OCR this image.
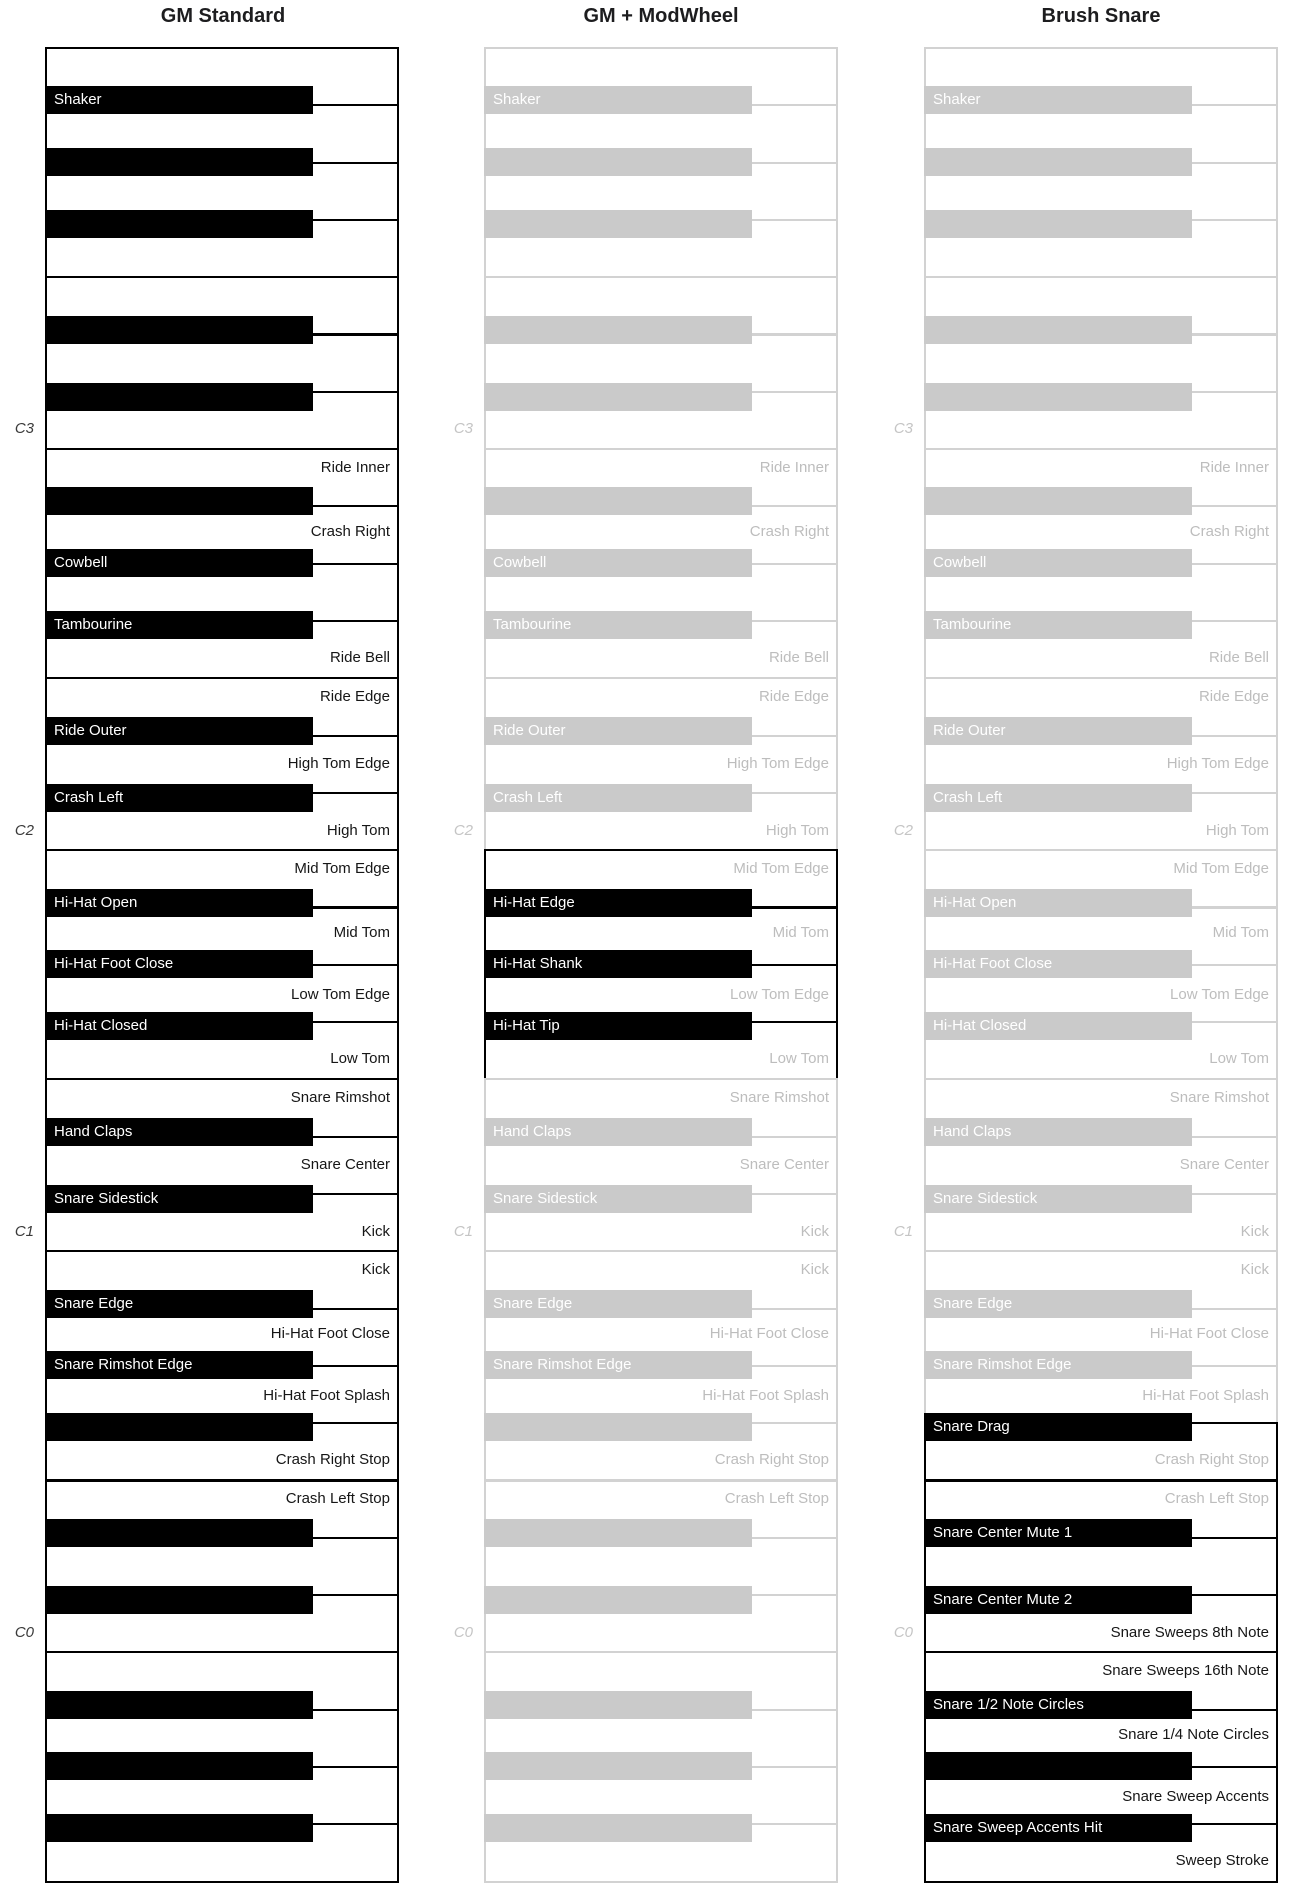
GM Standard	GM + ModWheel	Brush Snare
Shaker
Cowbell
Tambourine
Ride Outer
Crash Left
Hi-Hat Open
Hi-Hat Foot Close
Hi-Hat Closed
Hand Claps
Snare Sidestick
Snare Edge
Snare Rimshot Edge
Ride Inner
Crash Right
Ride Bell
Ride Edge
High Tom Edge
High Tom
Mid Tom Edge
Mid Tom
Low Tom Edge
Low Tom
Snare Rimshot
Snare Center
Kick
Kick
Hi-Hat Foot Close
Hi-Hat Foot Splash
Crash Right Stop
Crash Left Stop
C3
C2
C1
C0
Shaker
Cowbell
Tambourine
Ride Outer
Crash Left
Hi-Hat Edge
Hi-Hat Shank
Hi-Hat Tip
Hand Claps
Snare Sidestick
Snare Edge
Snare Rimshot Edge
Ride Inner
Crash Right
Ride Bell
Ride Edge
High Tom Edge
High Tom
Mid Tom Edge
Mid Tom
Low Tom Edge
Low Tom
Snare Rimshot
Snare Center
Kick
Kick
Hi-Hat Foot Close
Hi-Hat Foot Splash
Crash Right Stop
Crash Left Stop
C3
C2
C1
C0
Shaker
Cowbell
Tambourine
Ride Outer
Crash Left
Hi-Hat Open
Hi-Hat Foot Close
Hi-Hat Closed
Hand Claps
Snare Sidestick
Snare Edge
Snare Rimshot Edge
Snare Drag
Snare Center Mute 1
Snare Center Mute 2
Snare 1/2 Note Circles
Snare Sweep Accents Hit
Ride Inner
Crash Right
Ride Bell
Ride Edge
High Tom Edge
High Tom
Mid Tom Edge
Mid Tom
Low Tom Edge
Low Tom
Snare Rimshot
Snare Center
Kick
Kick
Hi-Hat Foot Close
Hi-Hat Foot Splash
Crash Right Stop
Crash Left Stop
Snare Sweeps 8th Note
Snare Sweeps 16th Note
Snare 1/4 Note Circles
Snare Sweep Accents
Sweep Stroke
C3
C2
C1
C0
